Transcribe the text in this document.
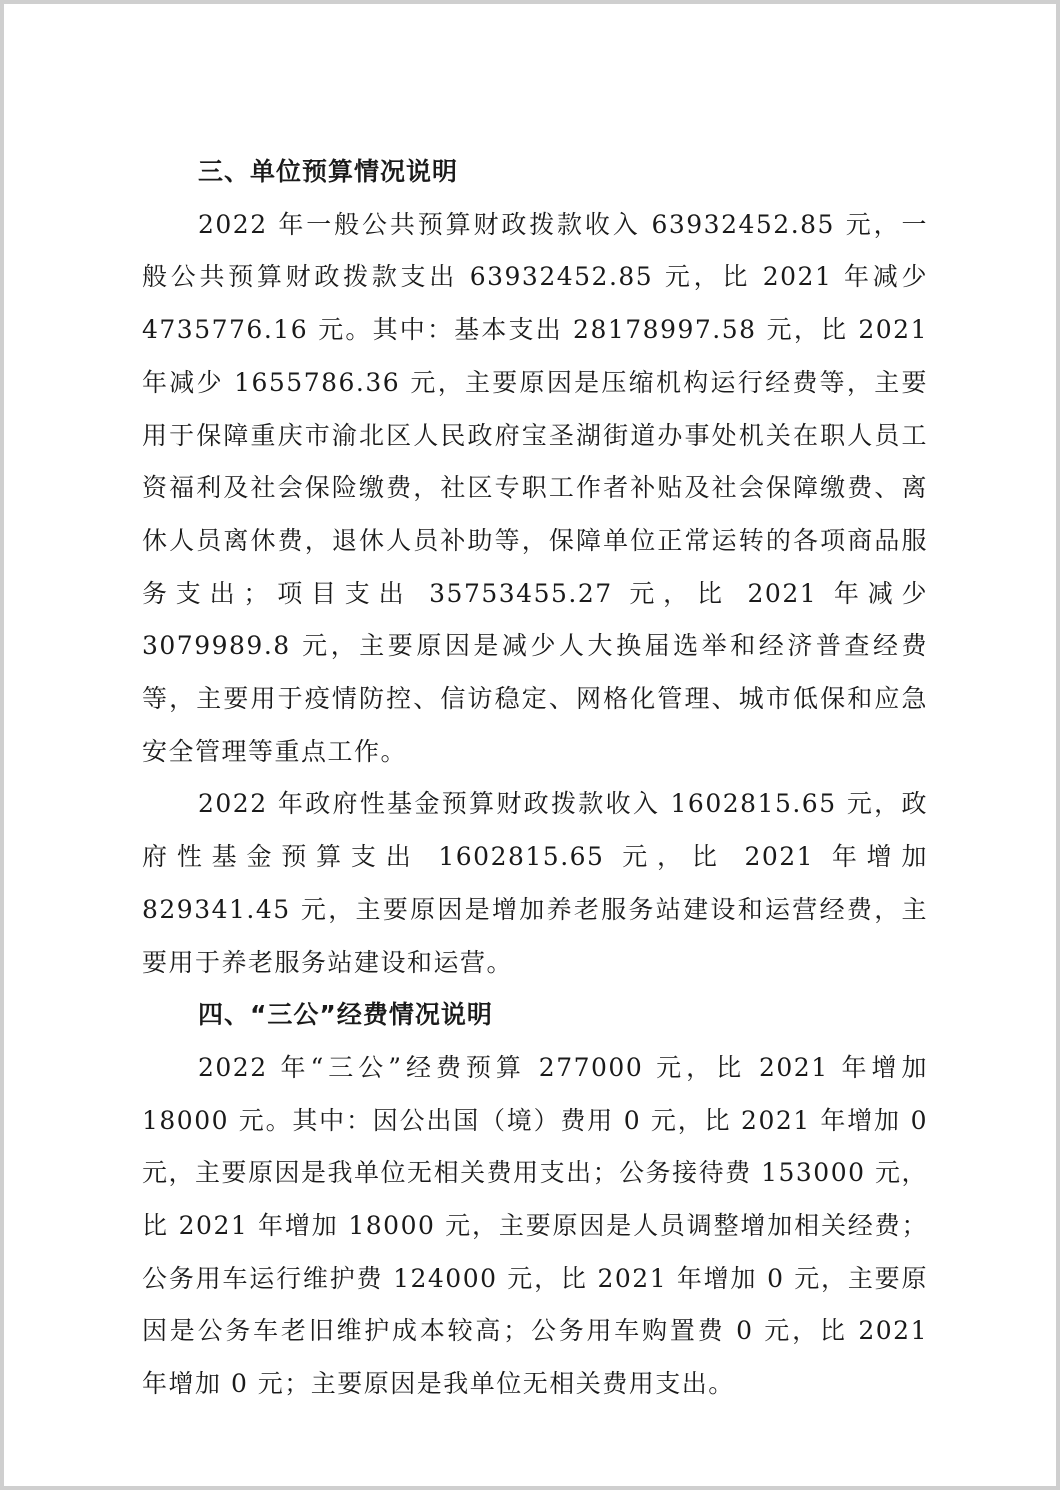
三、单位预算情况说明

2022 年一般公共预算财政拨款收入 63932452.85 元，一般公共预算财政拨款支出 63932452.85 元，比 2021 年减少 4735776.16 元。其中：基本支出 28178997.58 元，比 2021 年减少 1655786.36 元，主要原因是压缩机构运行经费等，主要用于保障重庆市渝北区人民政府宝圣湖街道办事处机关在职人员工资福利及社会保险缴费，社区专职工作者补贴及社会保障缴费、离休人员离休费，退休人员补助等，保障单位正常运转的各项商品服务支出；项目支出 35753455.27 元，比 2021 年减少 3079989.8 元，主要原因是减少人大换届选举和经济普查经费等，主要用于疫情防控、信访稳定、网格化管理、城市低保和应急安全管理等重点工作。

2022 年政府性基金预算财政拨款收入 1602815.65 元，政府性基金预算支出 1602815.65 元，比 2021 年增加 829341.45 元，主要原因是增加养老服务站建设和运营经费，主要用于养老服务站建设和运营。

四、“三公”经费情况说明

2022 年“三公”经费预算 277000 元，比 2021 年增加 18000 元。其中：因公出国（境）费用 0 元，比 2021 年增加 0 元，主要原因是我单位无相关费用支出；公务接待费 153000 元，比 2021 年增加 18000 元，主要原因是人员调整增加相关经费；公务用车运行维护费 124000 元，比 2021 年增加 0 元，主要原因是公务车老旧维护成本较高；公务用车购置费 0 元，比 2021 年增加 0 元；主要原因是我单位无相关费用支出。
